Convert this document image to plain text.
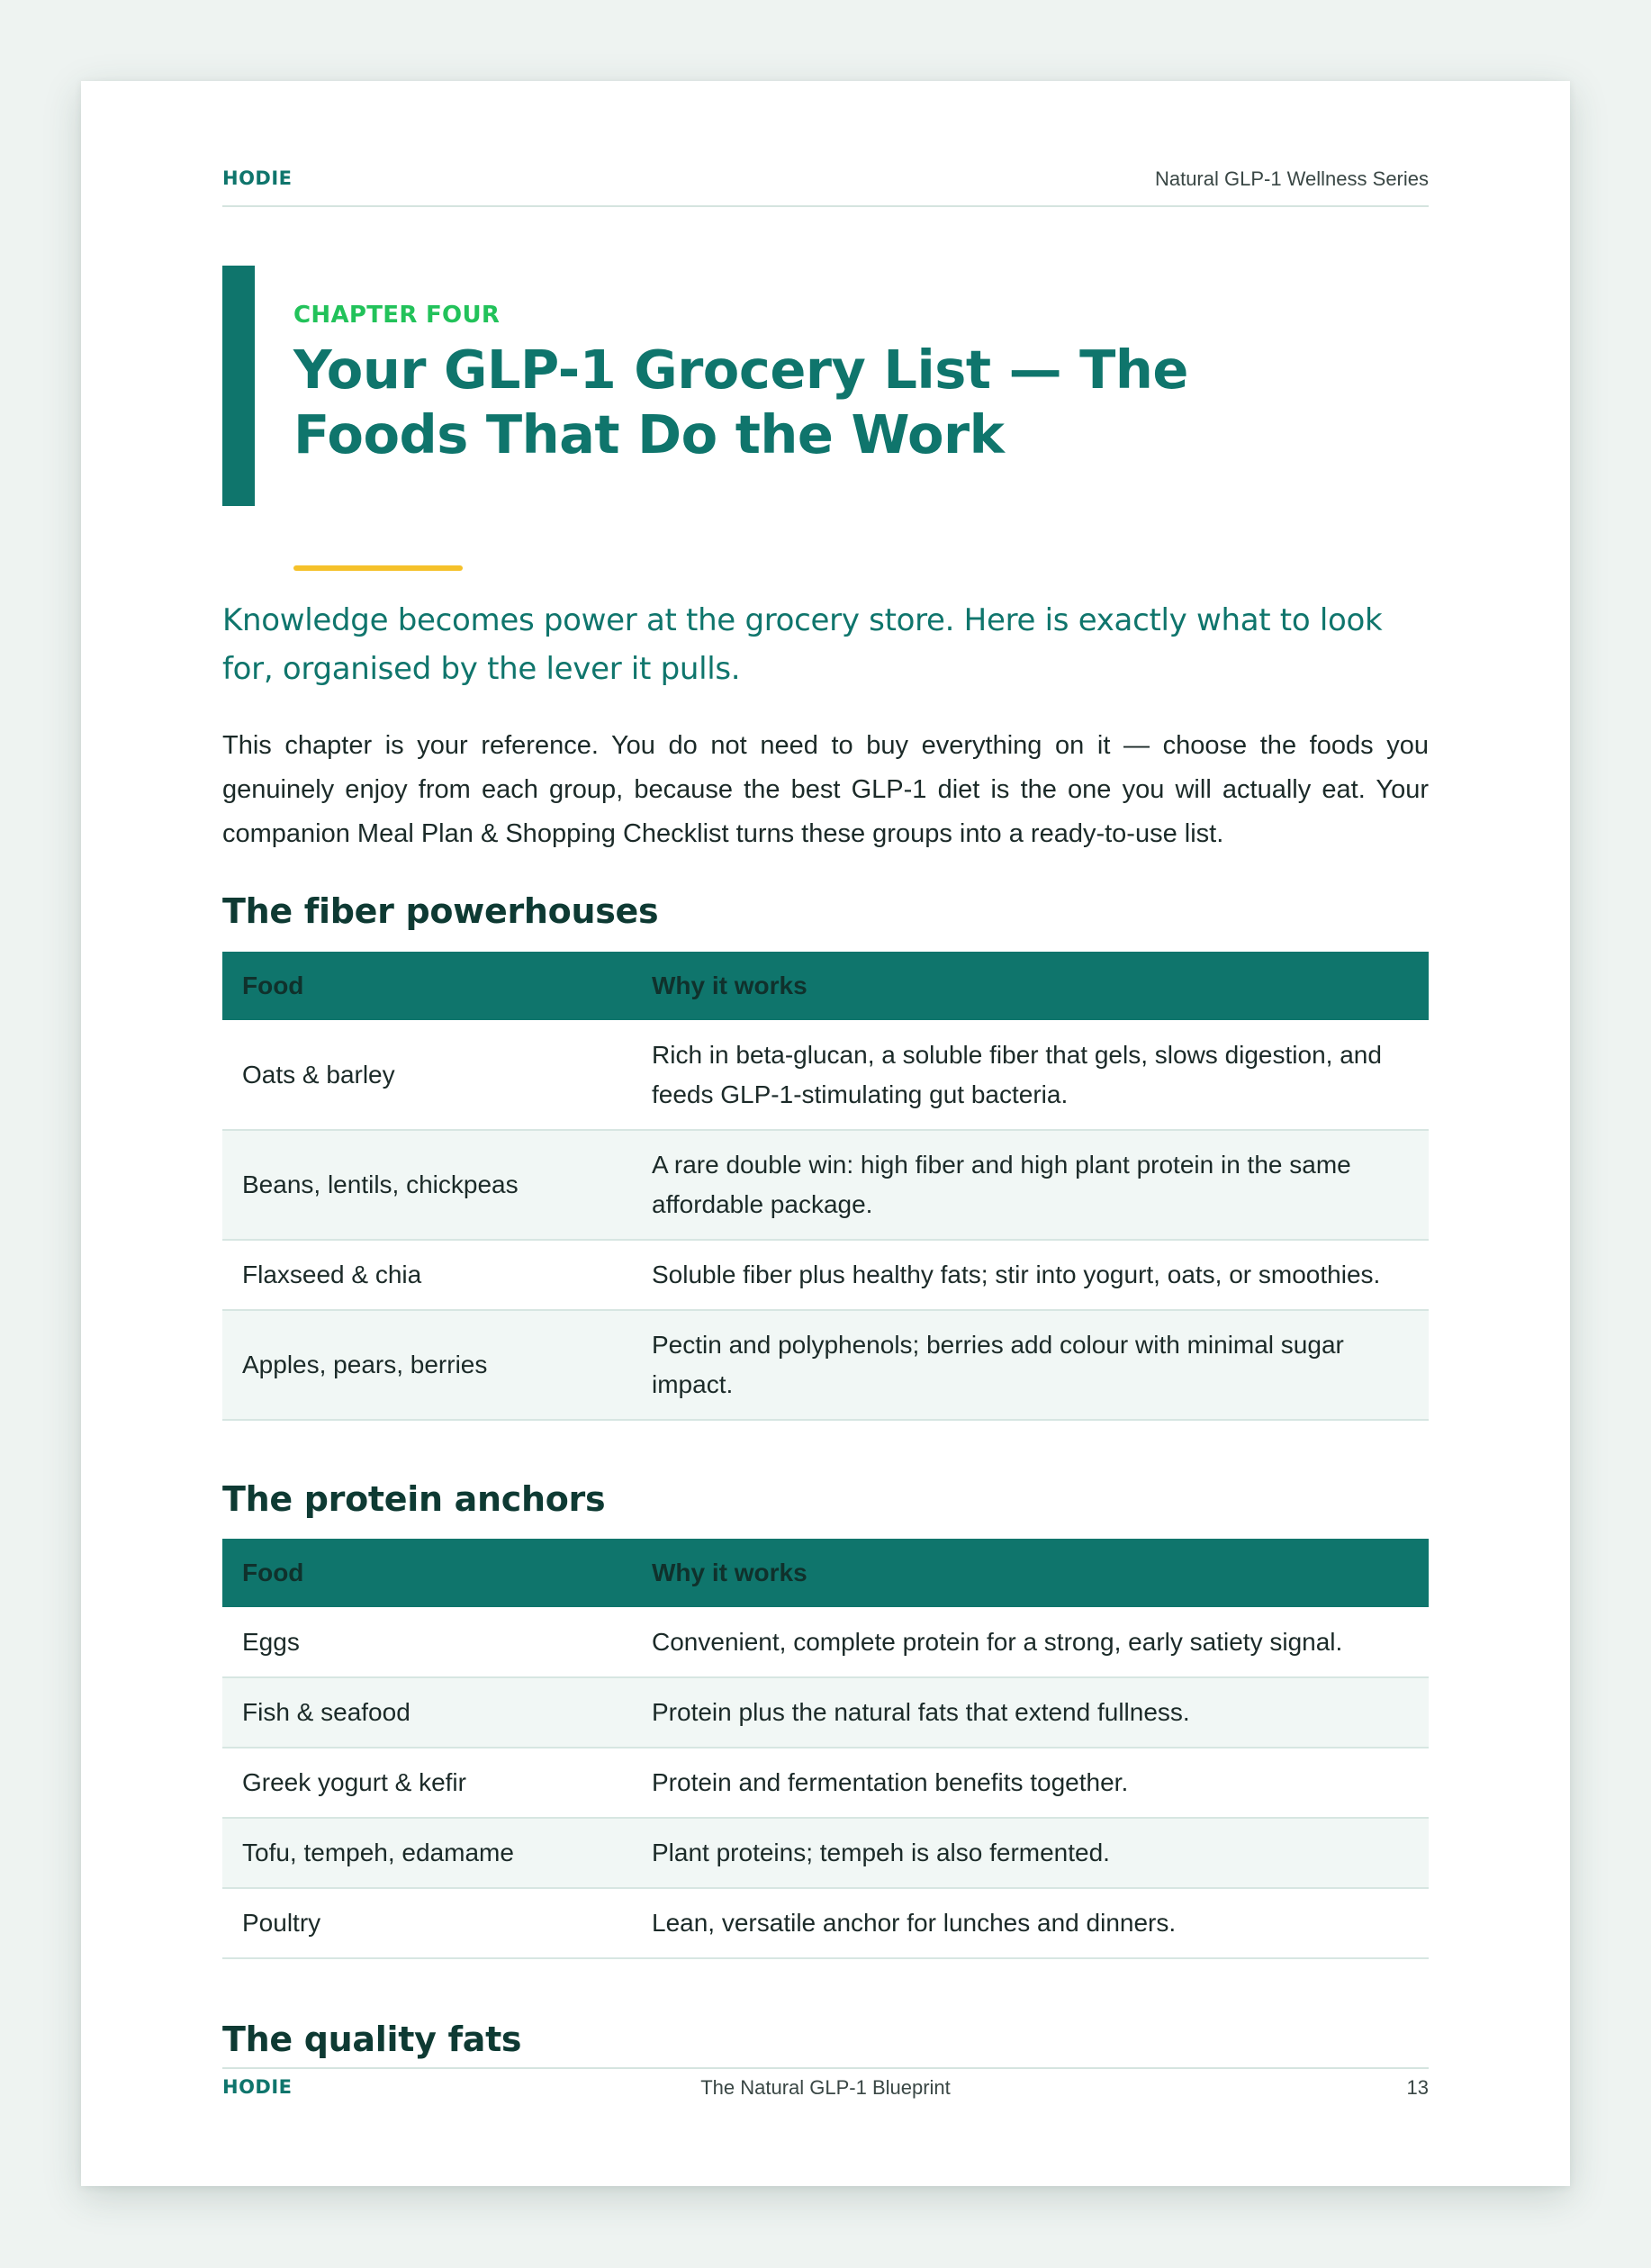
HODIE	Natural GLP-1 Wellness Series
CHAPTER FOUR
Your GLP-1 Grocery List — The Foods That Do the Work

Knowledge becomes power at the grocery store. Here is exactly what to look for, organised by the lever it pulls.

This chapter is your reference. You do not need to buy everything on it — choose the foods you genuinely enjoy from each group, because the best GLP-1 diet is the one you will actually eat. Your companion Meal Plan & Shopping Checklist turns these groups into a ready-to-use list.

The fiber powerhouses
Food	Why it works
Oats & barley	Rich in beta-glucan, a soluble fiber that gels, slows digestion, and feeds GLP-1-stimulating gut bacteria.
Beans, lentils, chickpeas	A rare double win: high fiber and high plant protein in the same affordable package.
Flaxseed & chia	Soluble fiber plus healthy fats; stir into yogurt, oats, or smoothies.
Apples, pears, berries	Pectin and polyphenols; berries add colour with minimal sugar impact.
The protein anchors
Food	Why it works
Eggs	Convenient, complete protein for a strong, early satiety signal.
Fish & seafood	Protein plus the natural fats that extend fullness.
Greek yogurt & kefir	Protein and fermentation benefits together.
Tofu, tempeh, edamame	Plant proteins; tempeh is also fermented.
Poultry	Lean, versatile anchor for lunches and dinners.
The quality fats
HODIE	The Natural GLP-1 Blueprint	13
